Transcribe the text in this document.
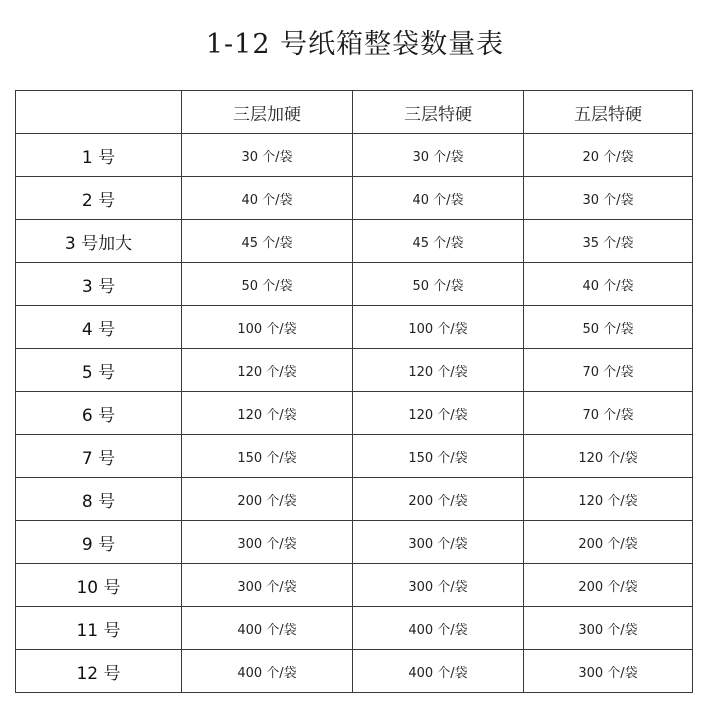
1-12 号纸箱整袋数量表
	三层加硬	三层特硬	五层特硬
1 号	30 个/袋	30 个/袋	20 个/袋
2 号	40 个/袋	40 个/袋	30 个/袋
3 号加大	45 个/袋	45 个/袋	35 个/袋
3 号	50 个/袋	50 个/袋	40 个/袋
4 号	100 个/袋	100 个/袋	50 个/袋
5 号	120 个/袋	120 个/袋	70 个/袋
6 号	120 个/袋	120 个/袋	70 个/袋
7 号	150 个/袋	150 个/袋	120 个/袋
8 号	200 个/袋	200 个/袋	120 个/袋
9 号	300 个/袋	300 个/袋	200 个/袋
10 号	300 个/袋	300 个/袋	200 个/袋
11 号	400 个/袋	400 个/袋	300 个/袋
12 号	400 个/袋	400 个/袋	300 个/袋
